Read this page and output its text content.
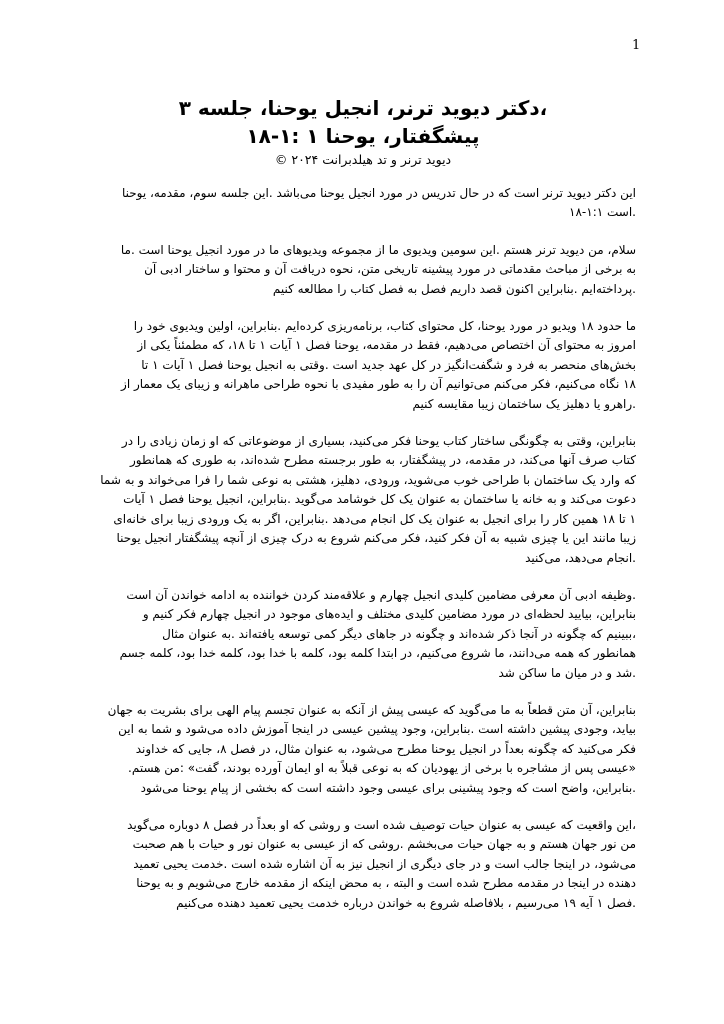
1
،دکتر دیوید ترنر، انجیل یوحنا، جلسه ۳
پیشگفتار، یوحنا ۱ :۱-۱۸
دیوید ترنر و تد هیلدبرانت ۲۰۲۴ ©

این دکتر دیوید ترنر است که در حال تدریس در مورد انجیل یوحنا می‌باشد .این جلسه سوم، مقدمه، یوحنا
.است ۱:۱-۱۸

سلام، من دیوید ترنر هستم .این سومین ویدیوی ما از مجموعه ویدیوهای ما در مورد انجیل یوحنا است .ما
به برخی از مباحث مقدماتی در مورد پیشینه تاریخی متن، نحوه دریافت آن و محتوا و ساختار ادبی آن
.پرداخته‌ایم .بنابراین اکنون قصد داریم فصل به فصل کتاب را مطالعه کنیم

ما حدود ۱۸ ویدیو در مورد یوحنا، کل محتوای کتاب، برنامه‌ریزی کرده‌ایم .بنابراین، اولین ویدیوی خود را
امروز به محتوای آن اختصاص می‌دهیم، فقط در مقدمه، یوحنا فصل ۱ آیات ۱ تا ۱۸، که مطمئناً یکی از
بخش‌های منحصر به فرد و شگفت‌انگیز در کل عهد جدید است .وقتی به انجیل یوحنا فصل ۱ آیات ۱ تا
۱۸ نگاه می‌کنیم، فکر می‌کنم می‌توانیم آن را به طور مفیدی با نحوه طراحی ماهرانه و زیبای یک معمار از
.راهرو یا دهلیز یک ساختمان زیبا مقایسه کنیم

بنابراین، وقتی به چگونگی ساختار کتاب یوحنا فکر می‌کنید، بسیاری از موضوعاتی که او زمان زیادی را در
کتاب صرف آنها می‌کند، در مقدمه، در پیشگفتار، به طور برجسته مطرح شده‌اند، به طوری که همانطور
که وارد یک ساختمان با طراحی خوب می‌شوید، ورودی، دهلیز، هشتی به نوعی شما را فرا می‌خواند و به شما
دعوت می‌کند و به خانه یا ساختمان به عنوان یک کل خوشامد می‌گوید .بنابراین، انجیل یوحنا فصل ۱ آیات
۱ تا ۱۸ همین کار را برای انجیل به عنوان یک کل انجام می‌دهد .بنابراین، اگر به یک ورودی زیبا برای خانه‌ای
زیبا مانند این یا چیزی شبیه به آن فکر کنید، فکر می‌کنم شروع به درک چیزی از آنچه پیشگفتار انجیل یوحنا
.انجام می‌دهد، می‌کنید

.وظیفه ادبی آن معرفی مضامین کلیدی انجیل چهارم و علاقه‌مند کردن خواننده به ادامه خواندن آن است
بنابراین، بیایید لحظه‌ای در مورد مضامین کلیدی مختلف و ایده‌های موجود در انجیل چهارم فکر کنیم و
،ببینیم که چگونه در آنجا ذکر شده‌اند و چگونه در جاهای دیگر کمی توسعه یافته‌اند .به عنوان مثال
همانطور که همه می‌دانند، ما شروع می‌کنیم، در ابتدا کلمه بود، کلمه با خدا بود، کلمه خدا بود، کلمه جسم
.شد و در میان ما ساکن شد

بنابراین، آن متن قطعاً به ما می‌گوید که عیسی پیش از آنکه به عنوان تجسم پیام الهی برای بشریت به جهان
بیاید، وجودی پیشین داشته است .بنابراین، وجود پیشین عیسی در اینجا آموزش داده می‌شود و شما به این
فکر می‌کنید که چگونه بعداً در انجیل یوحنا مطرح می‌شود، به عنوان مثال، در فصل ۸، جایی که خداوند
«عیسی پس از مشاجره با برخی از یهودیان که به نوعی قبلاً به او ایمان آورده بودند، گفت» :من هستم.
.بنابراین، واضح است که وجود پیشینی برای عیسی وجود داشته است که بخشی از پیام یوحنا می‌شود

،این واقعیت که عیسی به عنوان حیات توصیف شده است و روشی که او بعداً در فصل ۸ دوباره می‌گوید
من نور جهان هستم و به جهان حیات می‌بخشم .روشی که از عیسی به عنوان نور و حیات با هم صحبت
می‌شود، در اینجا جالب است و در جای دیگری از انجیل نیز به آن اشاره شده است .خدمت یحیی تعمید
دهنده در اینجا در مقدمه مطرح شده است و البته ، به محض اینکه از مقدمه خارج می‌شویم و به یوحنا
.فصل ۱ آیه ۱۹ می‌رسیم ، بلافاصله شروع به خواندن درباره خدمت یحیی تعمید دهنده می‌کنیم
